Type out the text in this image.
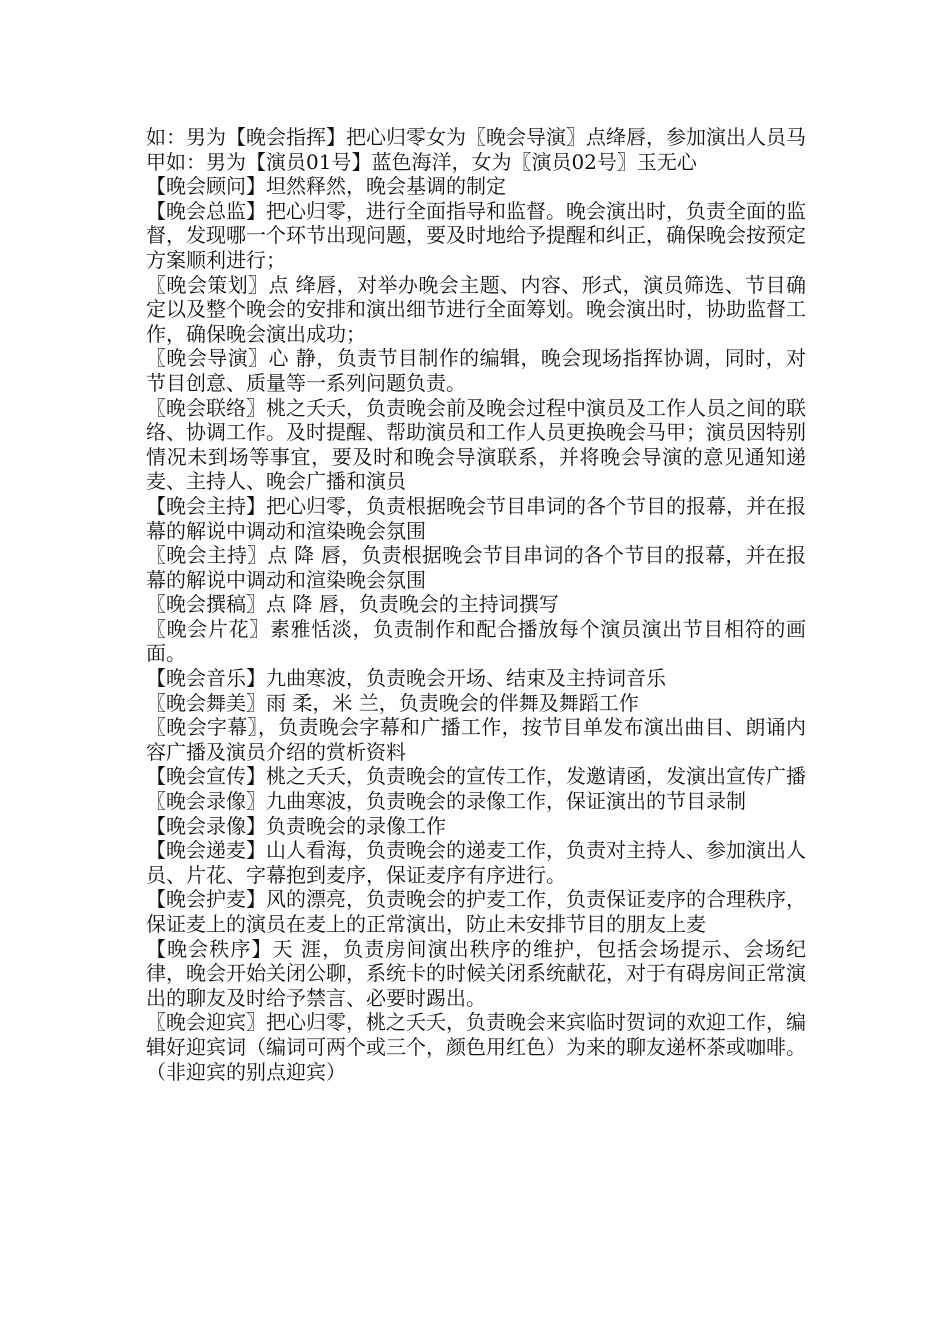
如：男为【晚会指挥】把心归零女为〖晚会导演〗点绛唇，参加演出人员马甲如：男为【演员01号】蓝色海洋，女为〖演员02号〗玉无心

【晚会顾问】坦然释然，晚会基调的制定

【晚会总监】把心归零，进行全面指导和监督。晚会演出时，负责全面的监督，发现哪一个环节出现问题，要及时地给予提醒和纠正，确保晚会按预定方案顺利进行；

〖晚会策划〗点 绛唇，对举办晚会主题、内容、形式，演员筛选、节目确定以及整个晚会的安排和演出细节进行全面筹划。晚会演出时，协助监督工作，确保晚会演出成功；

〖晚会导演〗心 静，负责节目制作的编辑，晚会现场指挥协调，同时，对节目创意、质量等一系列问题负责。

〖晚会联络〗桃之夭夭，负责晚会前及晚会过程中演员及工作人员之间的联络、协调工作。及时提醒、帮助演员和工作人员更换晚会马甲；演员因特别情况未到场等事宜，要及时和晚会导演联系，并将晚会导演的意见通知递麦、主持人、晚会广播和演员

【晚会主持】把心归零，负责根据晚会节目串词的各个节目的报幕，并在报幕的解说中调动和渲染晚会氛围

〖晚会主持〗点 降 唇，负责根据晚会节目串词的各个节目的报幕，并在报幕的解说中调动和渲染晚会氛围

〖晚会撰稿〗点 降 唇，负责晚会的主持词撰写

〖晚会片花〗素雅恬淡，负责制作和配合播放每个演员演出节目相符的画面。

【晚会音乐】九曲寒波，负责晚会开场、结束及主持词音乐

〖晚会舞美〗雨 柔，米 兰，负责晚会的伴舞及舞蹈工作

〖晚会字幕〗，负责晚会字幕和广播工作，按节目单发布演出曲目、朗诵内容广播及演员介绍的赏析资料

【晚会宣传】桃之夭夭，负责晚会的宣传工作，发邀请函，发演出宣传广播

〖晚会录像〗九曲寒波，负责晚会的录像工作，保证演出的节目录制

【晚会录像】负责晚会的录像工作

【晚会递麦】山人看海，负责晚会的递麦工作，负责对主持人、参加演出人员、片花、字幕抱到麦序，保证麦序有序进行。

【晚会护麦】风的漂亮，负责晚会的护麦工作，负责保证麦序的合理秩序，保证麦上的演员在麦上的正常演出，防止未安排节目的朋友上麦

【晚会秩序】天 涯，负责房间演出秩序的维护，包括会场提示、会场纪律，晚会开始关闭公聊，系统卡的时候关闭系统献花，对于有碍房间正常演出的聊友及时给予禁言、必要时踢出。

〖晚会迎宾〗把心归零，桃之夭夭，负责晚会来宾临时贺词的欢迎工作，编辑好迎宾词（编词可两个或三个，颜色用红色）为来的聊友递杯茶或咖啡。

（非迎宾的别点迎宾）
